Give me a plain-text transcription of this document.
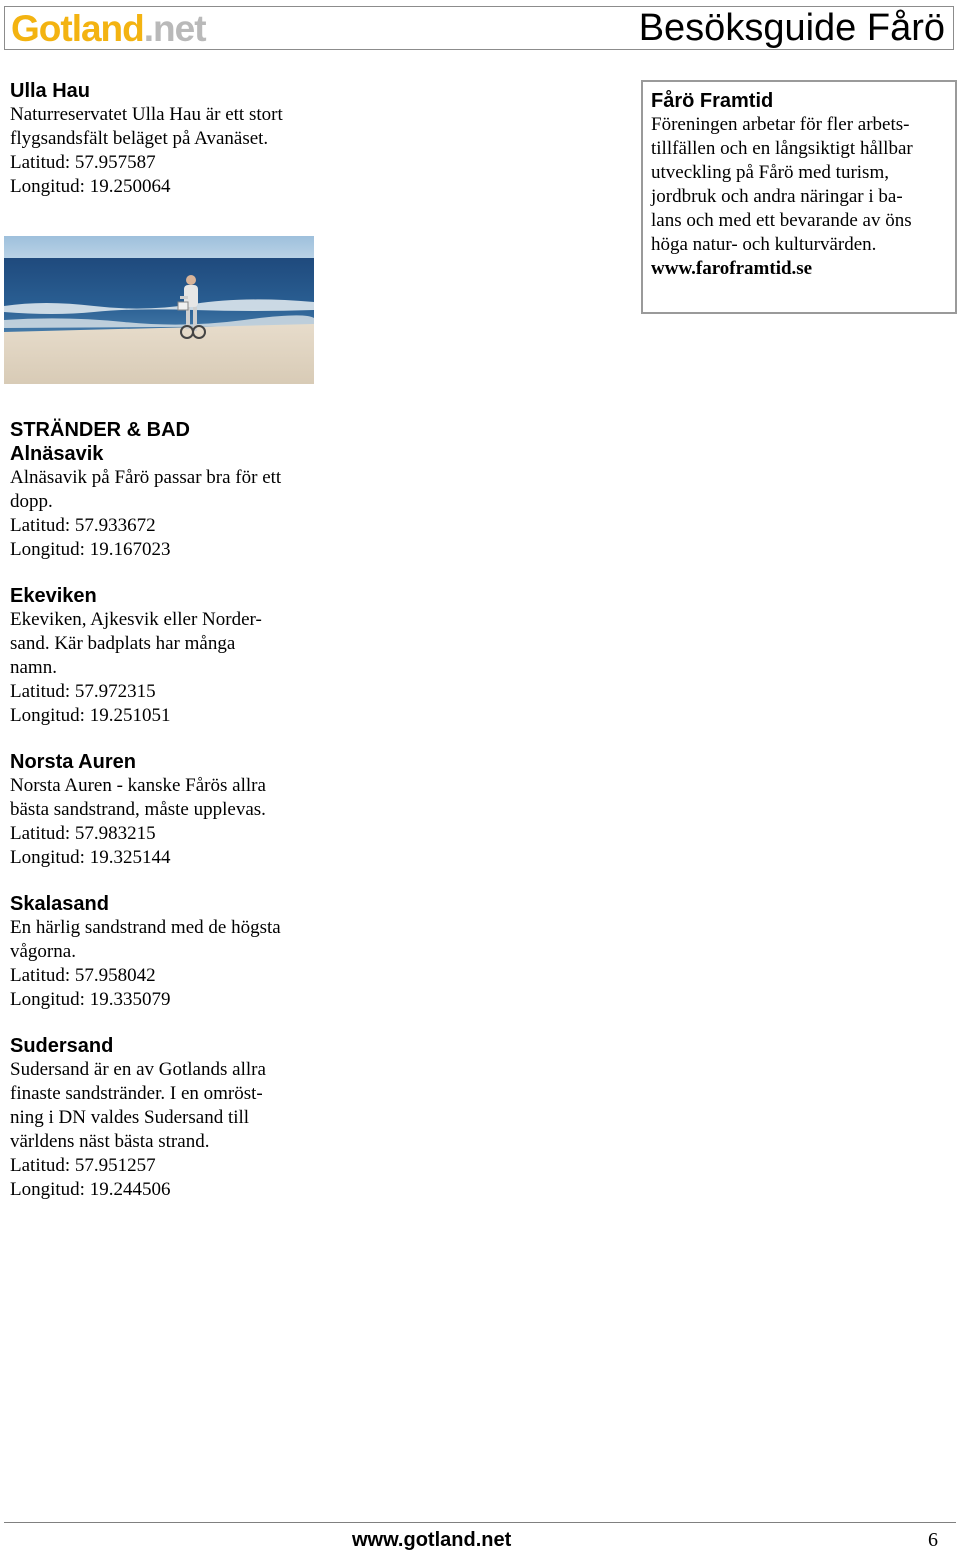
Gotland.net	Besöksguide Fårö

Ulla Hau

Naturreservatet Ulla Hau är ett stort
flygsandsfält beläget på Avanäset.

Latitud: 57.957587

Longitud: 19.250064

Fårö Framtid

Föreningen arbetar för fler arbets-
tillfällen och en långsiktigt hållbar
utveckling på Fårö med turism,
jordbruk och andra näringar i ba-
lans och med ett bevarande av öns
höga natur- och kulturvärden.

www.faroframtid.se

STRÄNDER & BAD

Alnäsavik

Alnäsavik på Fårö passar bra för ett
dopp.

Latitud: 57.933672

Longitud: 19.167023

Ekeviken

Ekeviken, Ajkesvik eller Norder-
sand. Kär badplats har många
namn.

Latitud: 57.972315

Longitud: 19.251051

Norsta Auren

Norsta Auren - kanske Fårös allra
bästa sandstrand, måste upplevas.

Latitud: 57.983215

Longitud: 19.325144

Skalasand

En härlig sandstrand med de högsta
vågorna.

Latitud: 57.958042

Longitud: 19.335079

Sudersand

Sudersand är en av Gotlands allra
finaste sandstränder. I en omröst-
ning i DN valdes Sudersand till
världens näst bästa strand.

Latitud: 57.951257

Longitud: 19.244506

www.gotland.net	6
